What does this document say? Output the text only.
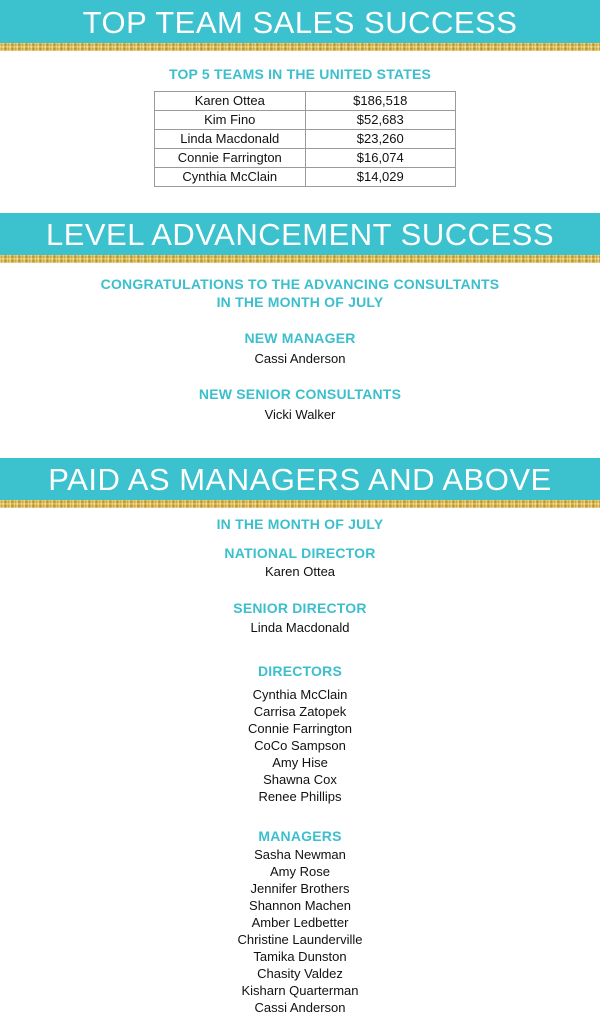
TOP TEAM SALES SUCCESS
TOP 5 TEAMS IN THE UNITED STATES
Karen Ottea	$186,518
Kim Fino	$52,683
Linda Macdonald	$23,260
Connie Farrington	$16,074
Cynthia McClain	$14,029
LEVEL ADVANCEMENT SUCCESS
CONGRATULATIONS TO THE ADVANCING CONSULTANTS
IN THE MONTH OF JULY
NEW MANAGER
Cassi Anderson
NEW SENIOR CONSULTANTS
Vicki Walker
PAID AS MANAGERS AND ABOVE
IN THE MONTH OF JULY
NATIONAL DIRECTOR
Karen Ottea
SENIOR DIRECTOR
Linda Macdonald
DIRECTORS
Cynthia McClain
Carrisa Zatopek
Connie Farrington
CoCo Sampson
Amy Hise
Shawna Cox
Renee Phillips
MANAGERS
Sasha Newman
Amy Rose
Jennifer Brothers
Shannon Machen
Amber Ledbetter
Christine Launderville
Tamika Dunston
Chasity Valdez
Kisharn Quarterman
Cassi Anderson
